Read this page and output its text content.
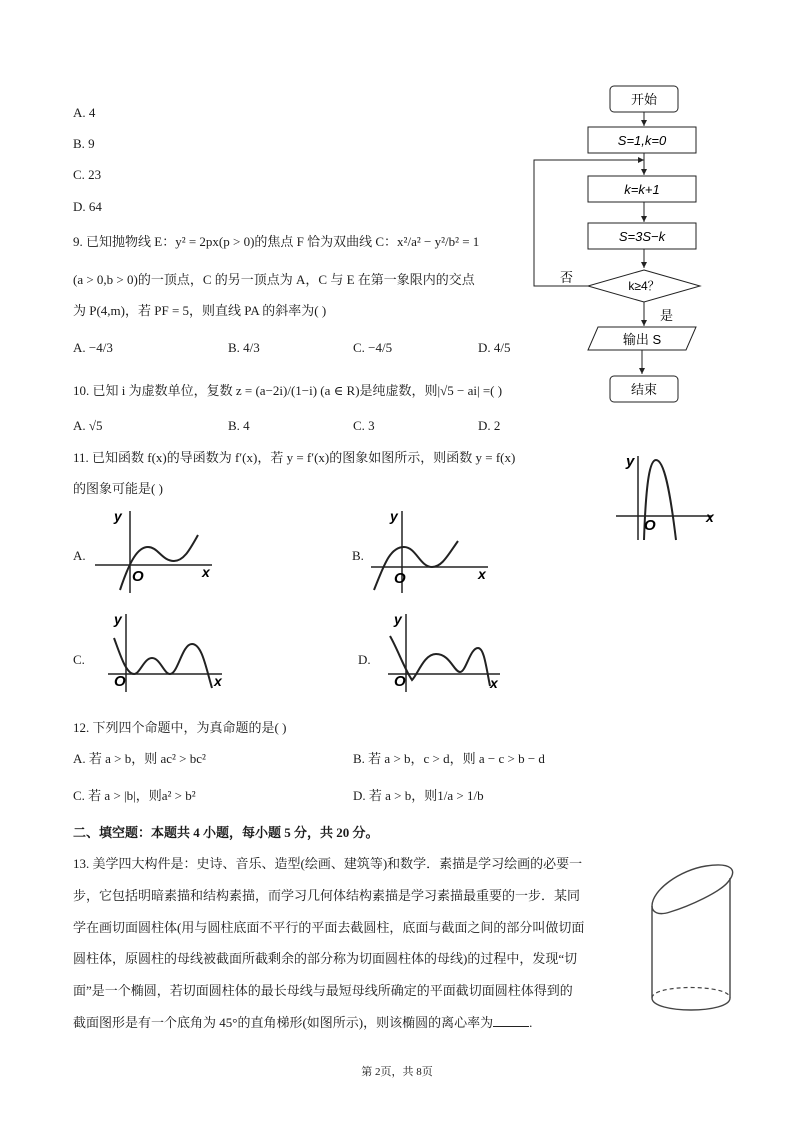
A. 4
B. 9
C. 23
D. 64
开始
S=1,k=0
k=k+1
S=3S−k
k≥4？
否
是
输出 S
结束
9. 已知抛物线 E：y² = 2px(p > 0)的焦点 F 恰为双曲线 C：x²/a² − y²/b² = 1
(a > 0,b > 0)的一顶点，C 的另一顶点为 A，C 与 E 在第一象限内的交点
为 P(4,m)，若 PF = 5，则直线 PA 的斜率为( )
A. −4/3	B. 4/3	C. −4/5	D. 4/5
10. 已知 i 为虚数单位，复数 z = (a−2i)/(1−i) (a ∈ R)是纯虚数，则|√5 − ai| =( )
A. √5	B. 4	C. 3	D. 2
11. 已知函数 f(x)的导函数为 f′(x)，若 y = f′(x)的图象如图所示，则函数 y = f(x)
的图象可能是( )
y
x
O
A.
y
x
O
B.
y
x
O
C.
y
x
O
D.
y
x
O
12. 下列四个命题中，为真命题的是( )
A. 若 a > b，则 ac² > bc²	B. 若 a > b，c > d，则 a − c > b − d
C. 若 a > |b|，则a² > b²	D. 若 a > b，则1/a > 1/b
二、填空题：本题共 4 小题，每小题 5 分，共 20 分。
13. 美学四大构件是：史诗、音乐、造型(绘画、建筑等)和数学．素描是学习绘画的必要一
步，它包括明暗素描和结构素描，而学习几何体结构素描是学习素描最重要的一步．某同
学在画切面圆柱体(用与圆柱底面不平行的平面去截圆柱，底面与截面之间的部分叫做切面
圆柱体，原圆柱的母线被截面所截剩余的部分称为切面圆柱体的母线)的过程中，发现“切
面”是一个椭圆，若切面圆柱体的最长母线与最短母线所确定的平面截切面圆柱体得到的
截面图形是有一个底角为 45°的直角梯形(如图所示)，则该椭圆的离心率为	.
第 2页，共 8页
